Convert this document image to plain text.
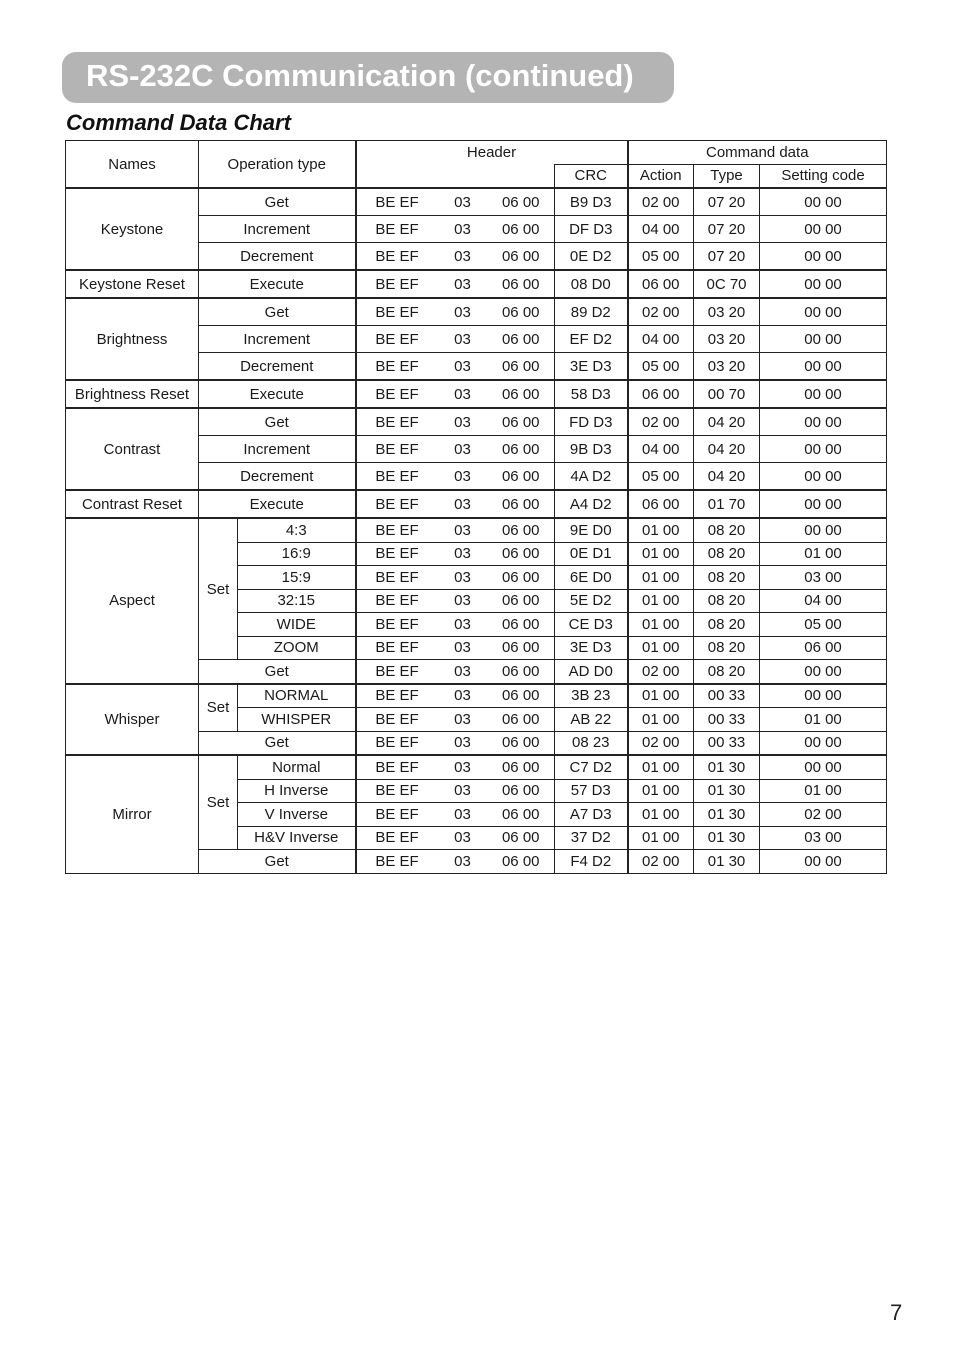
RS-232C Communication (continued)
Command Data Chart
Names	Operation type		Header				Command data		
						CRC	Action	Type	Setting code
Keystone	Get		BE EF	03	06 00	B9 D3	02 00	07 20	00 00
	Increment		BE EF	03	06 00	DF D3	04 00	07 20	00 00
	Decrement		BE EF	03	06 00	0E D2	05 00	07 20	00 00
Keystone Reset	Execute		BE EF	03	06 00	08 D0	06 00	0C 70	00 00
Brightness	Get		BE EF	03	06 00	89 D2	02 00	03 20	00 00
	Increment		BE EF	03	06 00	EF D2	04 00	03 20	00 00
	Decrement		BE EF	03	06 00	3E D3	05 00	03 20	00 00
Brightness Reset	Execute		BE EF	03	06 00	58 D3	06 00	00 70	00 00
Contrast	Get		BE EF	03	06 00	FD D3	02 00	04 20	00 00
	Increment		BE EF	03	06 00	9B D3	04 00	04 20	00 00
	Decrement		BE EF	03	06 00	4A D2	05 00	04 20	00 00
Contrast Reset	Execute		BE EF	03	06 00	A4 D2	06 00	01 70	00 00
Aspect	Set	4:3	BE EF	03	06 00	9E D0	01 00	08 20	00 00
		16:9	BE EF	03	06 00	0E D1	01 00	08 20	01 00
		15:9	BE EF	03	06 00	6E D0	01 00	08 20	03 00
		32:15	BE EF	03	06 00	5E D2	01 00	08 20	04 00
		WIDE	BE EF	03	06 00	CE D3	01 00	08 20	05 00
		ZOOM	BE EF	03	06 00	3E D3	01 00	08 20	06 00
	Get		BE EF	03	06 00	AD D0	02 00	08 20	00 00
Whisper	Set	NORMAL	BE EF	03	06 00	3B 23	01 00	00 33	00 00
		WHISPER	BE EF	03	06 00	AB 22	01 00	00 33	01 00
	Get		BE EF	03	06 00	08 23	02 00	00 33	00 00
Mirror	Set	Normal	BE EF	03	06 00	C7 D2	01 00	01 30	00 00
		H Inverse	BE EF	03	06 00	57 D3	01 00	01 30	01 00
		V Inverse	BE EF	03	06 00	A7 D3	01 00	01 30	02 00
		H&V Inverse	BE EF	03	06 00	37 D2	01 00	01 30	03 00
	Get		BE EF	03	06 00	F4 D2	02 00	01 30	00 00
7
